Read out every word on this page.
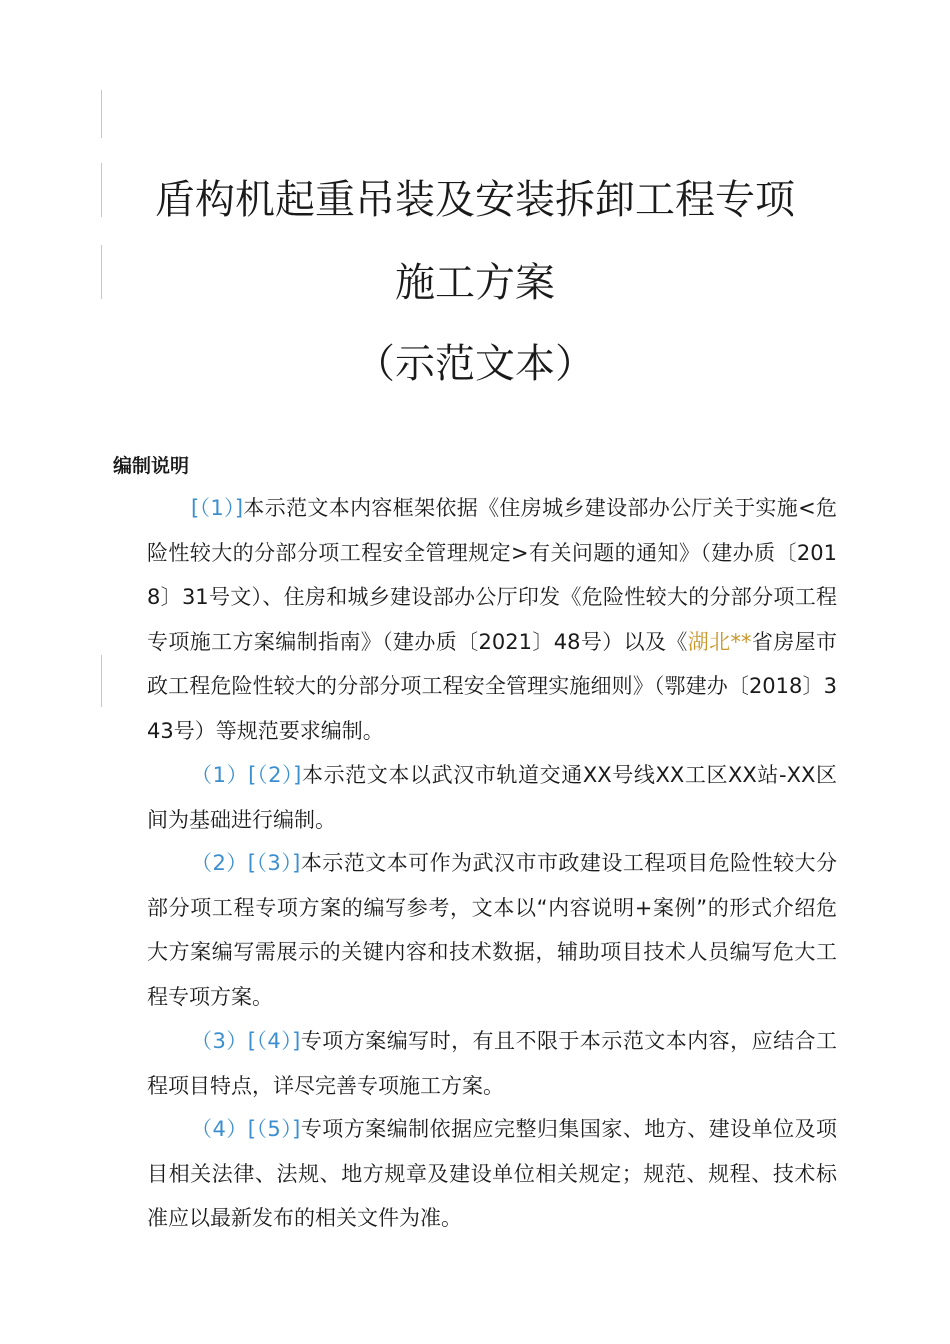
盾构机起重吊装及安装拆卸工程专项
施工方案
（示范文本）
编制说明
[（1）]本示范文本内容框架依据《住房城乡建设部办公厅关于实施<危险性较大的分部分项工程安全管理规定>有关问题的通知》（建办质〔2018〕31号文）、住房和城乡建设部办公厅印发《危险性较大的分部分项工程专项施工方案编制指南》（建办质〔2021〕48号）以及《湖北**省房屋市政工程危险性较大的分部分项工程安全管理实施细则》（鄂建办〔2018〕343号）等规范要求编制。
（1）[（2）]本示范文本以武汉市轨道交通XX号线XX工区XX站-XX区间为基础进行编制。
（2）[（3）]本示范文本可作为武汉市市政建设工程项目危险性较大分部分项工程专项方案的编写参考，文本以“内容说明+案例”的形式介绍危大方案编写需展示的关键内容和技术数据，辅助项目技术人员编写危大工程专项方案。
（3）[（4）]专项方案编写时，有且不限于本示范文本内容，应结合工程项目特点，详尽完善专项施工方案。
（4）[（5）]专项方案编制依据应完整归集国家、地方、建设单位及项目相关法律、法规、地方规章及建设单位相关规定；规范、规程、技术标准应以最新发布的相关文件为准。
